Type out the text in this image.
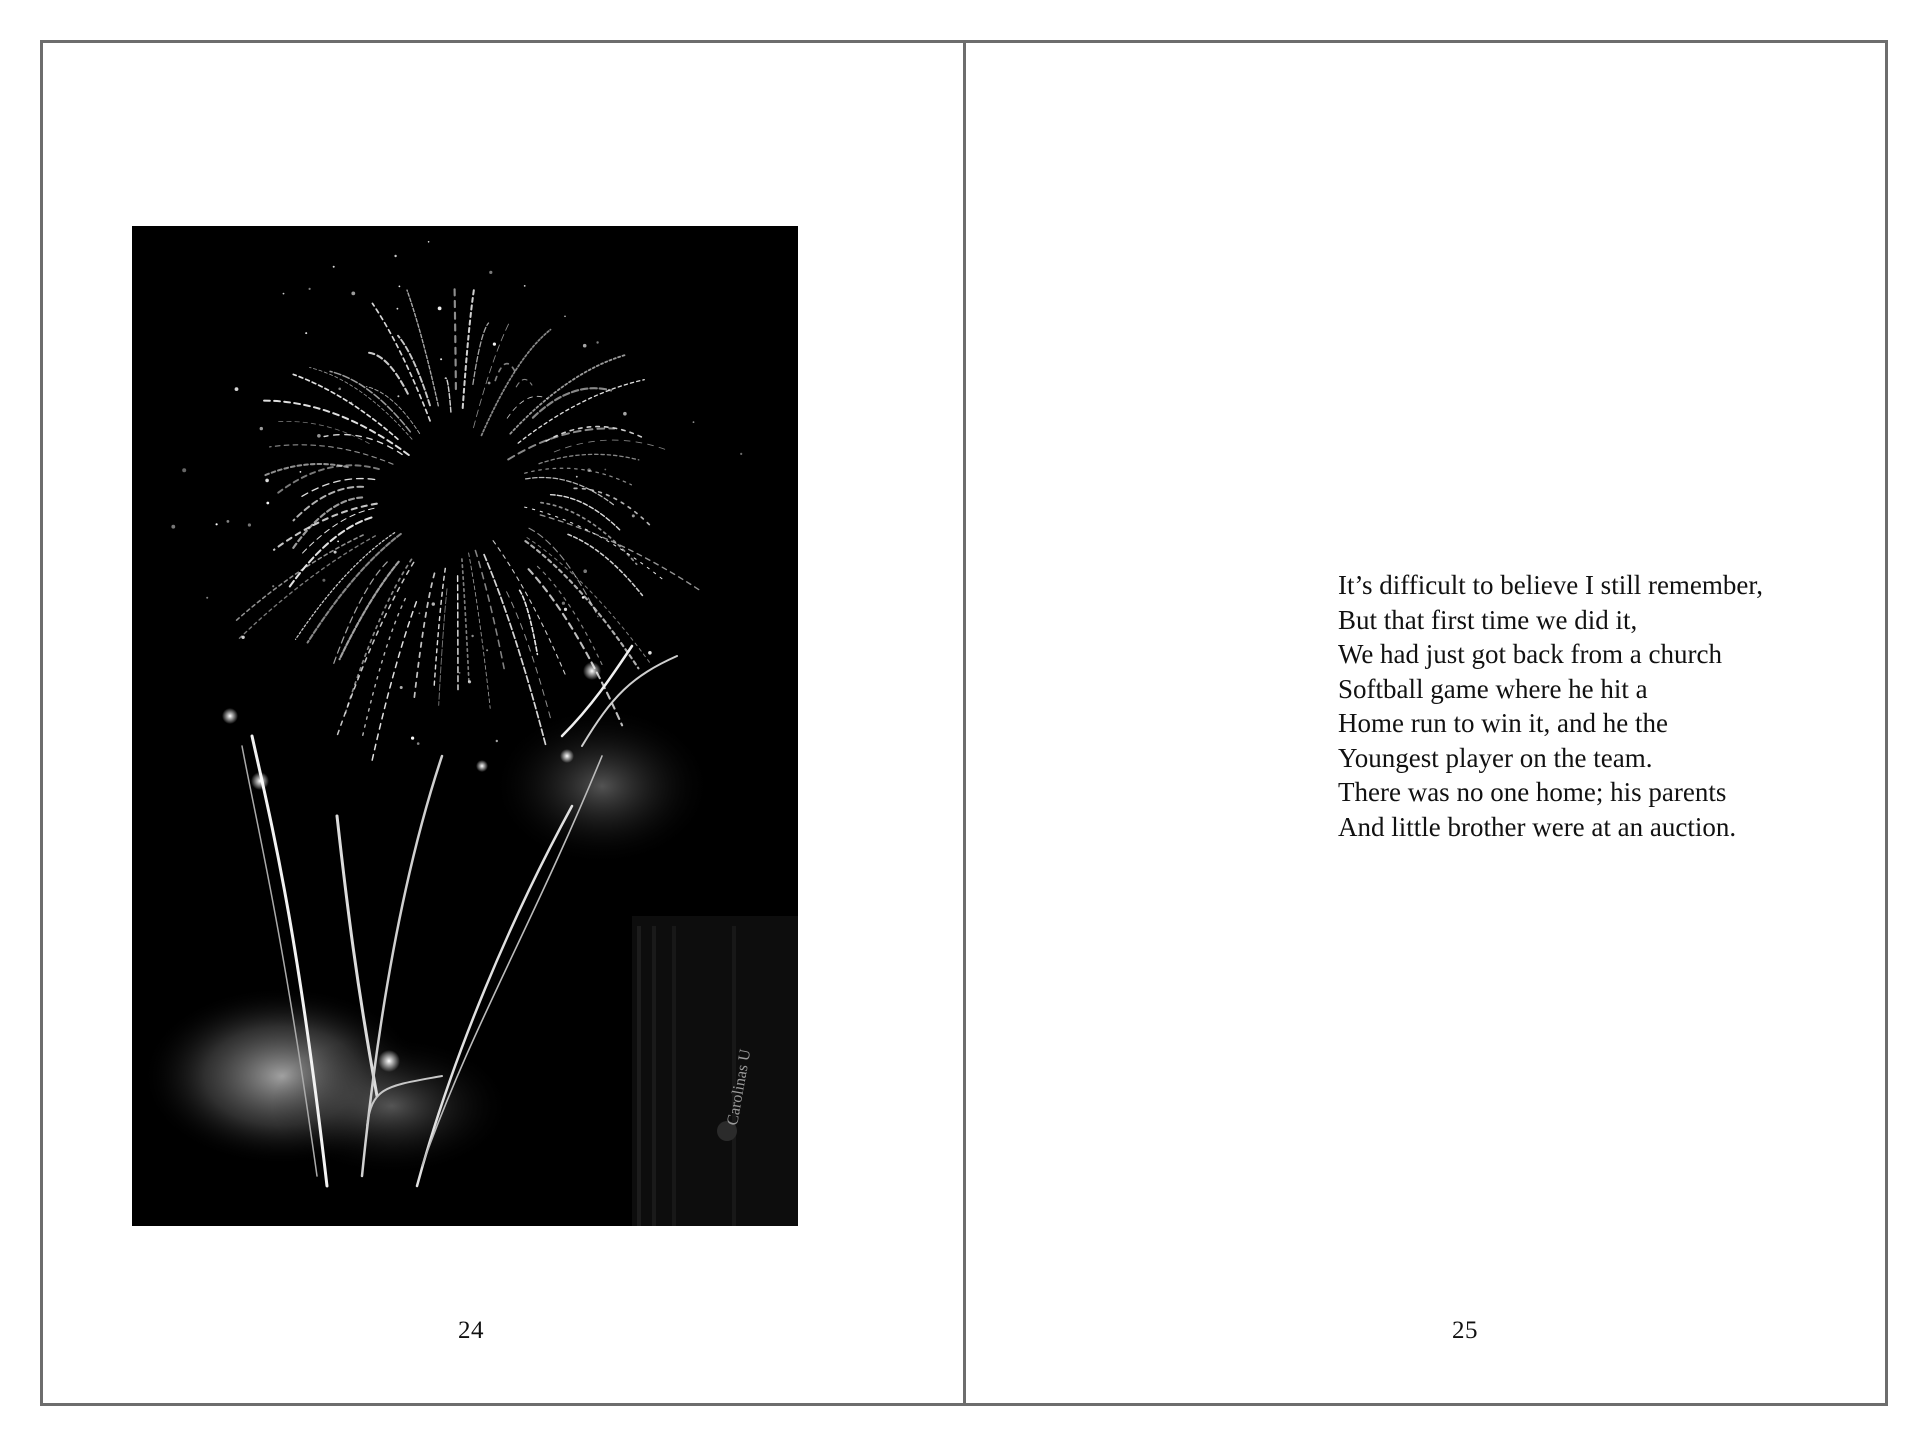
Carolinas U
24
It’s difficult to believe I still remember,
But that first time we did it,
We had just got back from a church
Softball game where he hit a
Home run to win it, and he the
Youngest player on the team.
There was no one home; his parents
And little brother were at an auction.
25
